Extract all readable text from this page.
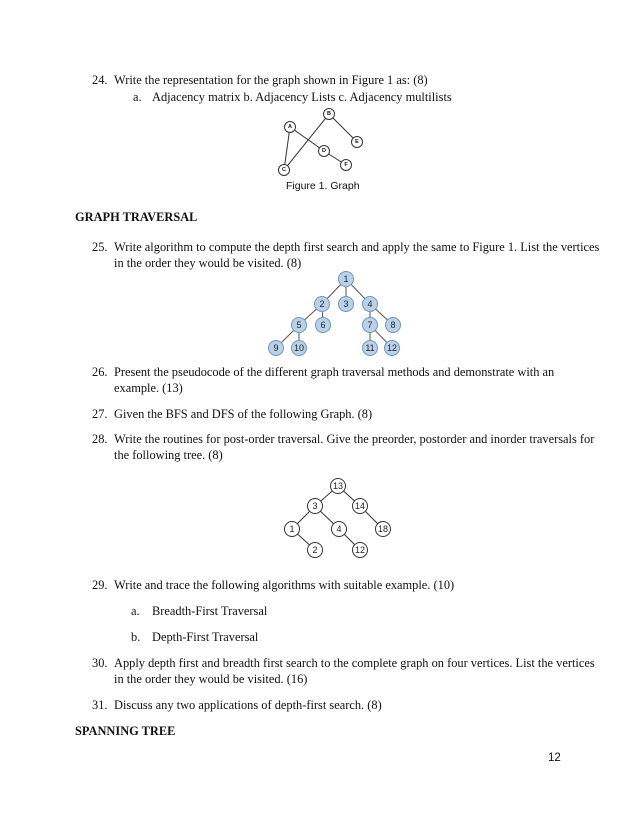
24. Write the representation for the graph shown in Figure 1 as: (8)
a. Adjacency matrix b. Adjacency Lists c. Adjacency multilists
A
B
C
D
E
F
Figure 1. Graph
GRAPH TRAVERSAL
25. Write algorithm to compute the depth first search and apply the same to Figure 1. List the vertices
in the order they would be visited. (8)
1
2 3 4
5 6	7 8
9 10	11 12
26. Present the pseudocode of the different graph traversal methods and demonstrate with an
example. (13)
27. Given the BFS and DFS of the following Graph. (8)
28. Write the routines for post-order traversal. Give the preorder, postorder and inorder traversals for
the following tree. (8)
13
3	14
1	4	18
2	12
29. Write and trace the following algorithms with suitable example. (10)
a. Breadth-First Traversal
b. Depth-First Traversal
30. Apply depth first and breadth first search to the complete graph on four vertices. List the vertices
in the order they would be visited. (16)
31. Discuss any two applications of depth-first search. (8)
SPANNING TREE
12
